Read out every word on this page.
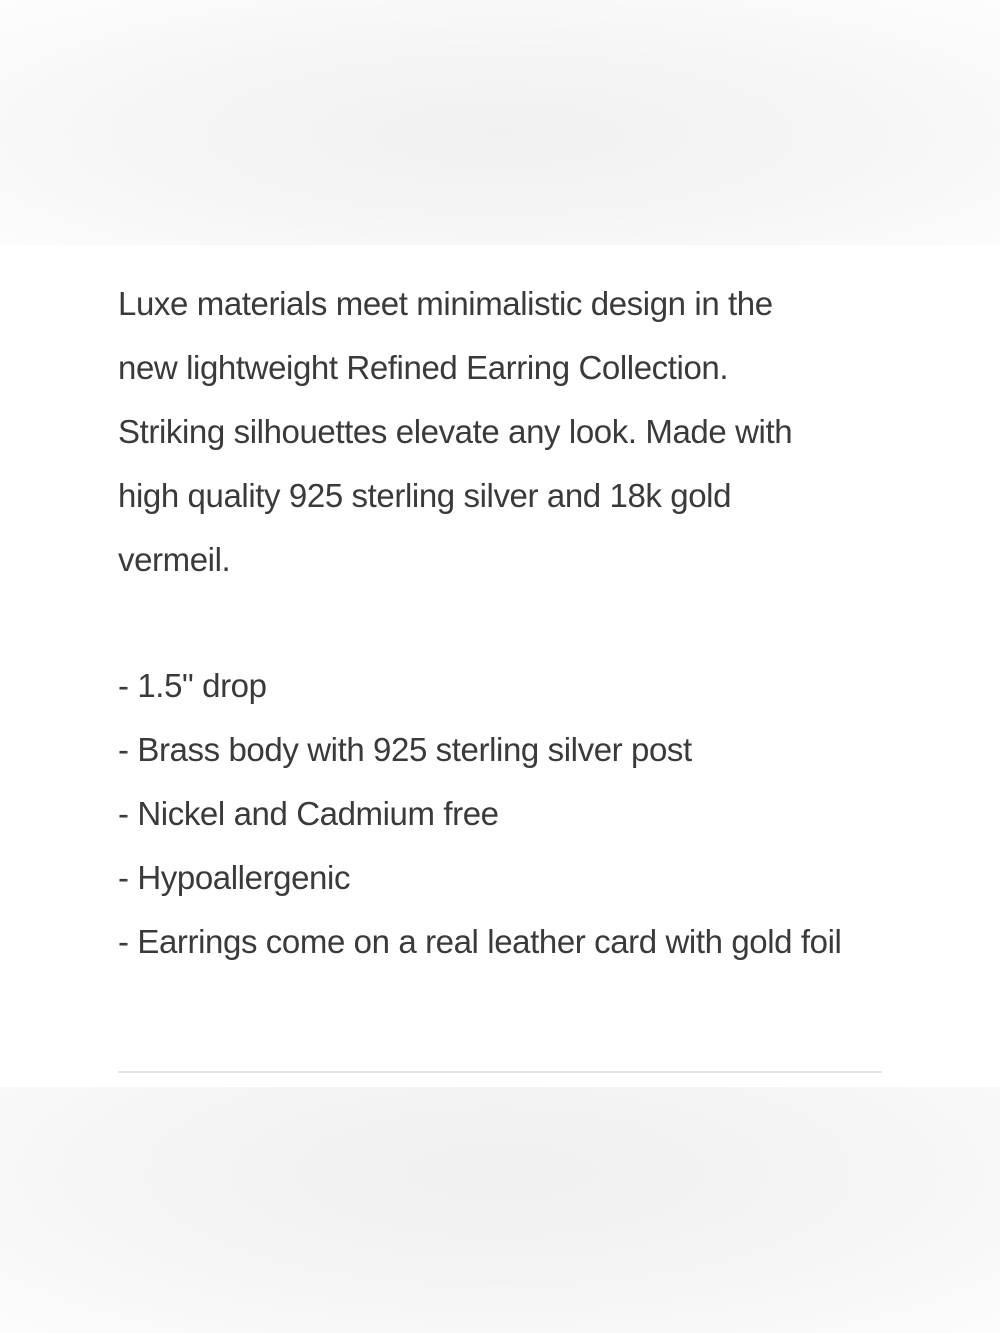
Luxe materials meet minimalistic design in the
new lightweight Refined Earring Collection.
Striking silhouettes elevate any look. Made with
high quality 925 sterling silver and 18k gold
vermeil.

- 1.5" drop
- Brass body with 925 sterling silver post
- Nickel and Cadmium free
- Hypoallergenic
- Earrings come on a real leather card with gold foil
